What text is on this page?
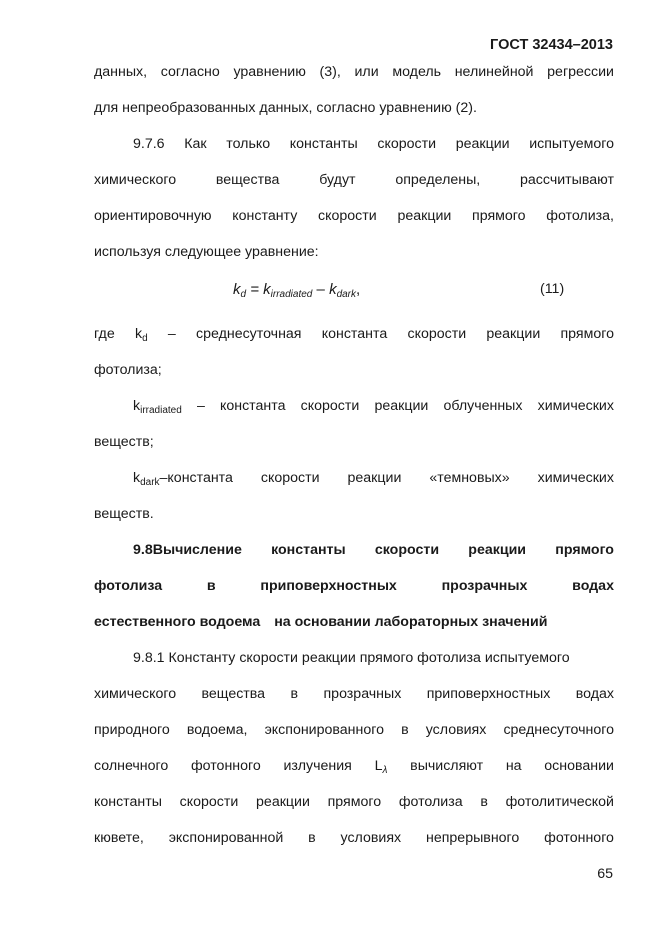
ГОСТ 32434–2013
данных, согласно уравнению (3), или модель нелинейной регрессии
для непреобразованных данных, согласно уравнению (2).
9.7.6 Как только константы скорости реакции испытуемого
химического	вещества	будут	определены,	рассчитывают
ориентировочную константу скорости реакции прямого фотолиза,
используя следующее уравнение:
$k_d = k_{irradiated} - k_{dark}$,	(11)
где $k_d$ – среднесуточная константа скорости реакции прямого
фотолиза;
$k_{irradiated}$ – константа скорости реакции облученных химических
веществ;
$k_{dark}$–константа скорости реакции «темновых» химических
веществ.
9.8Вычисление константы скорости реакции прямого
фотолиза	в	приповерхностных	прозрачных	водах
естественного водоема на основании лабораторных значений
9.8.1 Константу скорости реакции прямого фотолиза испытуемого
химического вещества в прозрачных приповерхностных водах
природного водоема, экспонированного в условиях среднесуточного
солнечного фотонного излучения $L_\lambda$ вычисляют на основании
константы скорости реакции прямого фотолиза в фотолитической
кювете, экспонированной в условиях непрерывного фотонного
65
